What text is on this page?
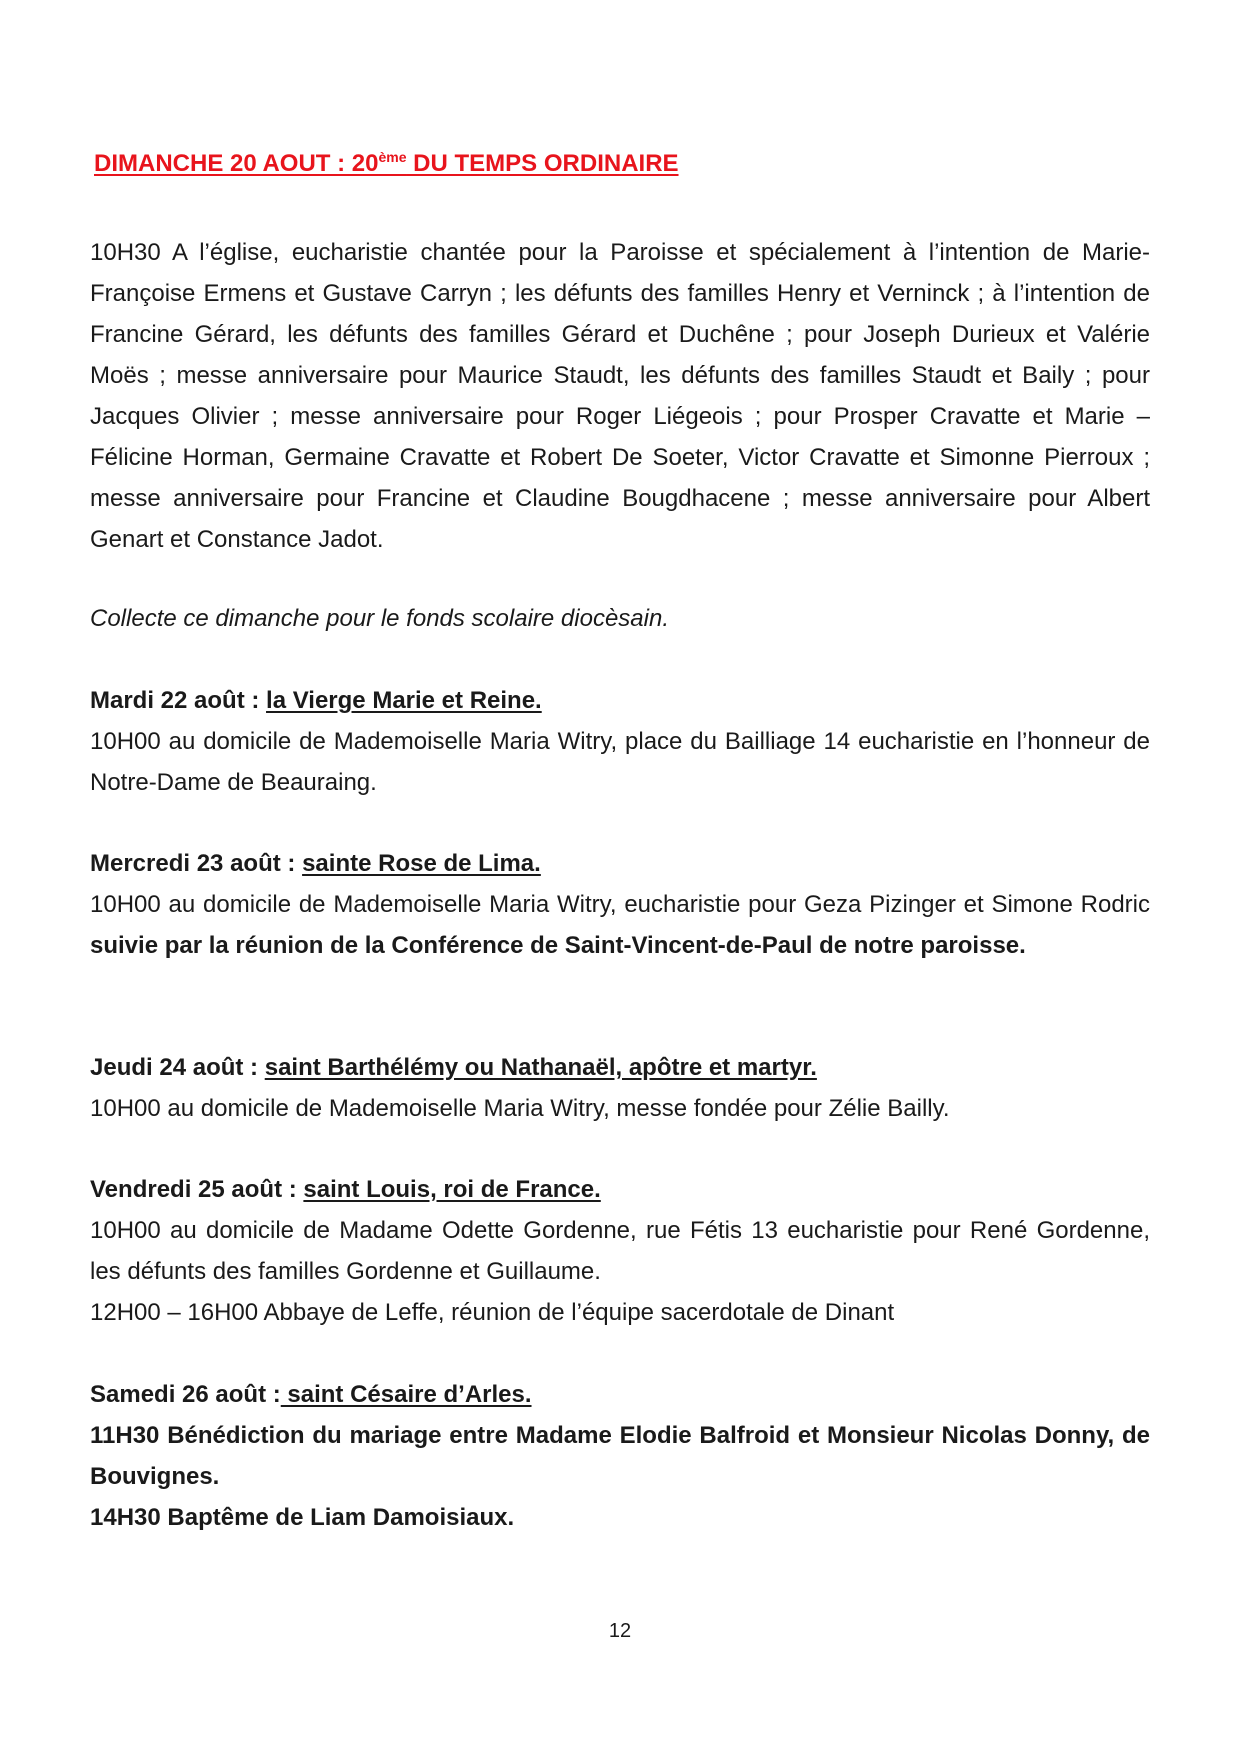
DIMANCHE 20 AOUT : 20ème DU TEMPS ORDINAIRE

10H30 A l’église, eucharistie chantée pour la Paroisse et spécialement à l’intention de Marie-Françoise Ermens et Gustave Carryn ; les défunts des familles Henry et Verninck ; à l’intention de Francine Gérard, les défunts des familles Gérard et Duchêne ; pour Joseph Durieux et Valérie Moës ; messe anniversaire pour Maurice Staudt, les défunts des familles Staudt et Baily ; pour Jacques Olivier ; messe anniversaire pour Roger Liégeois ; pour Prosper Cravatte et Marie –Félicine Horman, Germaine Cravatte et Robert De Soeter, Victor Cravatte et Simonne Pierroux ; messe anniversaire pour Francine et Claudine Bougdhacene ; messe anniversaire pour Albert Genart et Constance Jadot.

Collecte ce dimanche pour le fonds scolaire diocèsain.

Mardi 22 août : la Vierge Marie et Reine.

10H00 au domicile de Mademoiselle Maria Witry, place du Bailliage 14 eucharistie en l’honneur de Notre-Dame de Beauraing.

Mercredi 23 août : sainte Rose de Lima.

10H00 au domicile de Mademoiselle Maria Witry, eucharistie pour Geza Pizinger et Simone Rodric suivie par la réunion de la Conférence de Saint-Vincent-de-Paul de notre paroisse.

Jeudi 24 août : saint Barthélémy ou Nathanaël, apôtre et martyr.

10H00 au domicile de Mademoiselle Maria Witry, messe fondée pour Zélie Bailly.

Vendredi 25 août : saint Louis, roi de France.

10H00 au domicile de Madame Odette Gordenne, rue Fétis 13 eucharistie pour René Gordenne, les défunts des familles Gordenne et Guillaume.

12H00 – 16H00 Abbaye de Leffe, réunion de l’équipe sacerdotale de Dinant

Samedi 26 août : saint Césaire d’Arles.

11H30 Bénédiction du mariage entre Madame Elodie Balfroid et Monsieur Nicolas Donny, de Bouvignes.

14H30 Baptême de Liam Damoisiaux.

12
